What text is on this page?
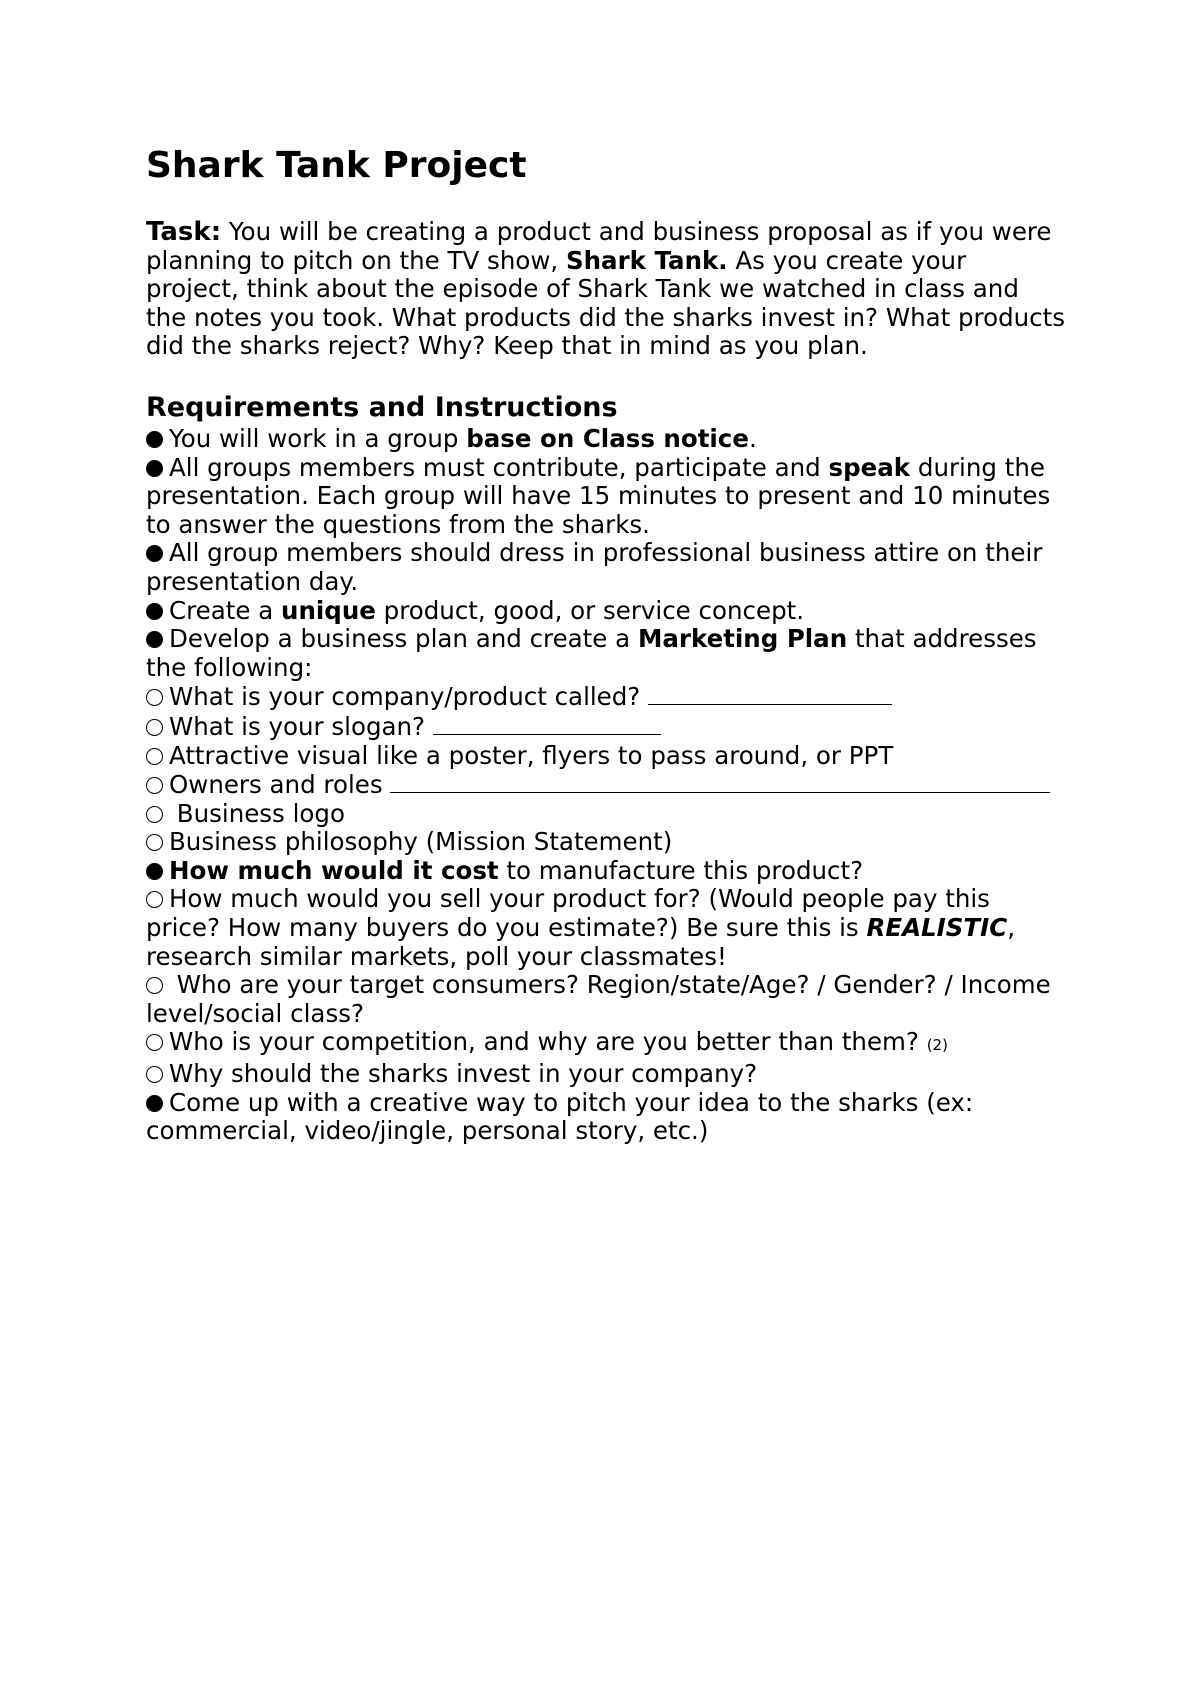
Shark Tank Project

Task: You will be creating a product and business proposal as if you were planning to pitch on the TV show, Shark Tank. As you create your project, think about the episode of Shark Tank we watched in class and the notes you took. What products did the sharks invest in? What products did the sharks reject? Why? Keep that in mind as you plan.

Requirements and Instructions

You will work in a group base on Class notice.

All groups members must contribute, participate and speak during the presentation. Each group will have 15 minutes to present and 10 minutes to answer the questions from the sharks.

All group members should dress in professional business attire on their presentation day.

Create a unique product, good, or service concept.

Develop a business plan and create a Marketing Plan that addresses the following:

What is your company/product called?

What is your slogan?

Attractive visual like a poster, flyers to pass around, or PPT

Owners and roles

Business logo

Business philosophy (Mission Statement)

How much would it cost to manufacture this product?

How much would you sell your product for? (Would people pay this price? How many buyers do you estimate?) Be sure this is REALISTIC, research similar markets, poll your classmates!

Who are your target consumers? Region/state/Age? / Gender? / Income level/social class?

Who is your competition, and why are you better than them? (2)

Why should the sharks invest in your company?

Come up with a creative way to pitch your idea to the sharks (ex: commercial, video/jingle, personal story, etc.)
